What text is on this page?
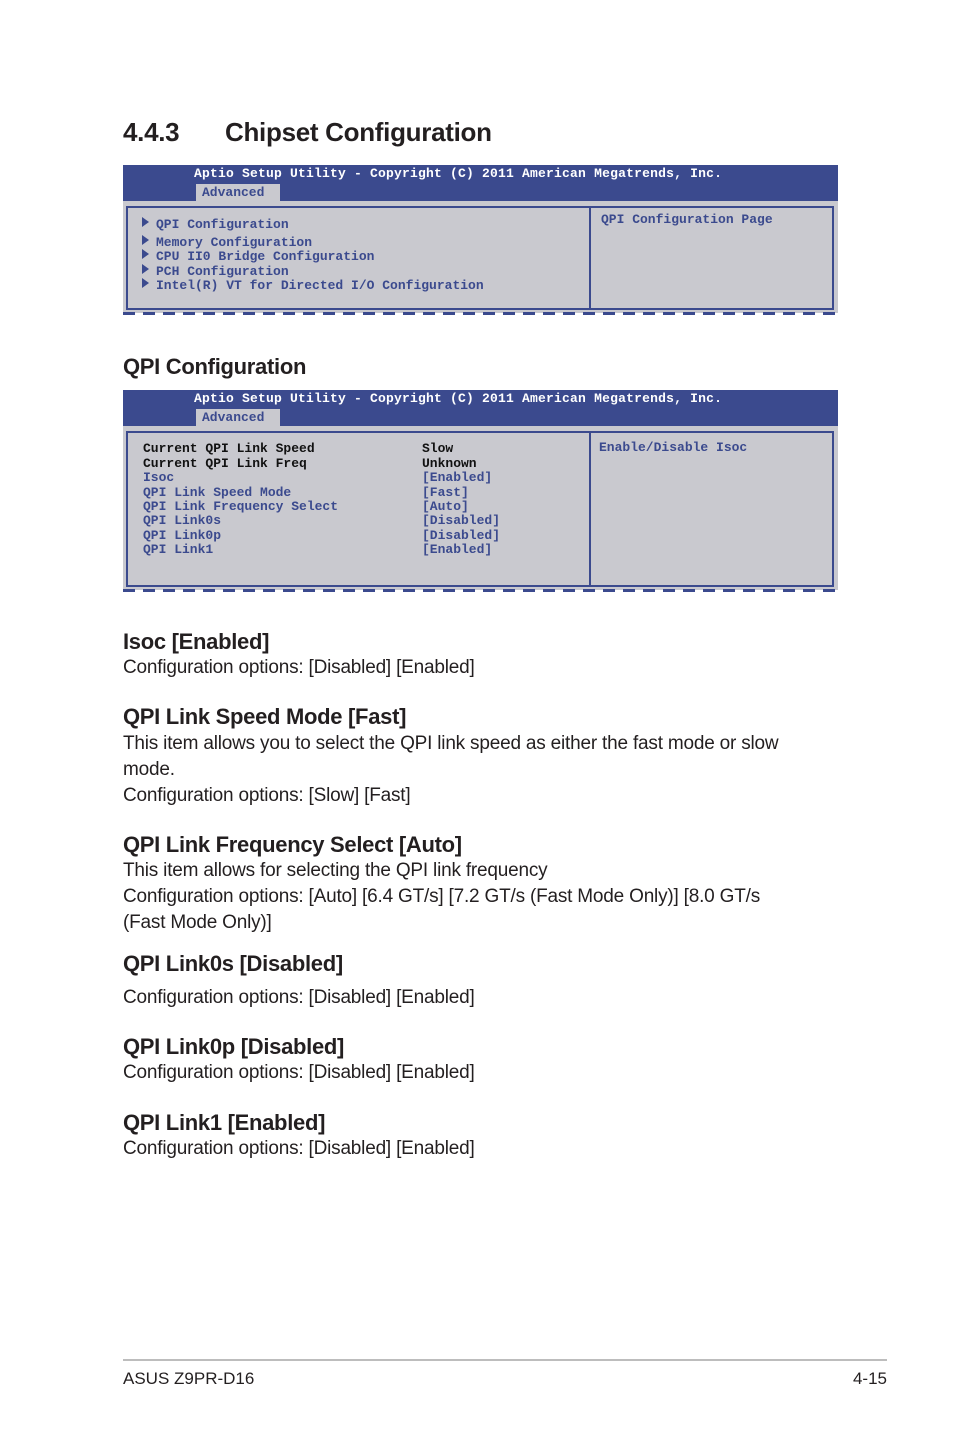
4.4.3 Chipset Configuration
Aptio Setup Utility - Copyright (C) 2011 American Megatrends, Inc.
Advanced
QPI Configuration
Memory Configuration
CPU II0 Bridge Configuration
PCH Configuration
Intel(R) VT for Directed I/O Configuration
QPI Configuration Page
QPI Configuration
Aptio Setup Utility - Copyright (C) 2011 American Megatrends, Inc.
Advanced
Current QPI Link Speed	Slow
Current QPI Link Freq	Unknown
Isoc	[Enabled]
QPI Link Speed Mode	[Fast]
QPI Link Frequency Select	[Auto]
QPI Link0s	[Disabled]
QPI Link0p	[Disabled]
QPI Link1	[Enabled]
Enable/Disable Isoc
Isoc [Enabled]
Configuration options: [Disabled] [Enabled]
QPI Link Speed Mode [Fast]
This item allows you to select the QPI link speed as either the fast mode or slow
mode.
Configuration options: [Slow] [Fast]
QPI Link Frequency Select [Auto]
This item allows for selecting the QPI link frequency
Configuration options: [Auto] [6.4 GT/s] [7.2 GT/s (Fast Mode Only)] [8.0 GT/s
(Fast Mode Only)]
QPI Link0s [Disabled]
Configuration options: [Disabled] [Enabled]
QPI Link0p [Disabled]
Configuration options: [Disabled] [Enabled]
QPI Link1 [Enabled]
Configuration options: [Disabled] [Enabled]
ASUS Z9PR-D16	4-15
